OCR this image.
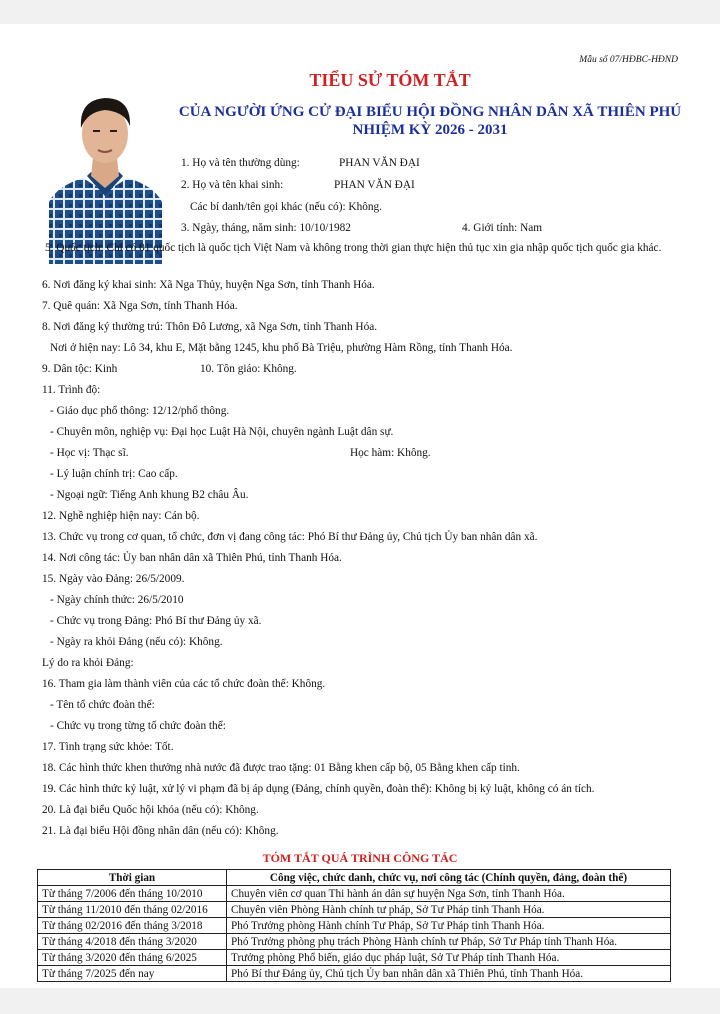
Mẫu số 07/HĐBC-HĐND
TIỂU SỬ TÓM TẮT
CỦA NGƯỜI ỨNG CỬ ĐẠI BIỂU HỘI ĐỒNG NHÂN DÂN XÃ THIÊN PHÚ
NHIỆM KỲ 2026 - 2031
1. Họ và tên thường dùng:	PHAN VĂN ĐẠI
2. Họ và tên khai sinh:	PHAN VĂN ĐẠI
Các bí danh/tên gọi khác (nếu có): Không.
3. Ngày, tháng, năm sinh: 10/10/1982	4. Giới tính: Nam
5. Quốc tịch: Chỉ có 01 quốc tịch là quốc tịch Việt Nam và không trong thời gian thực hiện thủ tục xin gia nhập quốc tịch quốc gia khác.
6. Nơi đăng ký khai sinh: Xã Nga Thủy, huyện Nga Sơn, tỉnh Thanh Hóa.
7. Quê quán: Xã Nga Sơn, tỉnh Thanh Hóa.
8. Nơi đăng ký thường trú: Thôn Đô Lương, xã Nga Sơn, tỉnh Thanh Hóa.
Nơi ở hiện nay: Lô 34, khu E, Mặt bằng 1245, khu phố Bà Triệu, phường Hàm Rồng, tỉnh Thanh Hóa.
9. Dân tộc: Kinh	10. Tôn giáo: Không.
11. Trình độ:
- Giáo dục phổ thông: 12/12/phổ thông.
- Chuyên môn, nghiệp vụ: Đại học Luật Hà Nội, chuyên ngành Luật dân sự.
- Học vị: Thạc sĩ.	Học hàm: Không.
- Lý luận chính trị: Cao cấp.
- Ngoại ngữ: Tiếng Anh khung B2 châu Âu.
12. Nghề nghiệp hiện nay: Cán bộ.
13. Chức vụ trong cơ quan, tổ chức, đơn vị đang công tác: Phó Bí thư Đảng ủy, Chủ tịch Ủy ban nhân dân xã.
14. Nơi công tác: Ủy ban nhân dân xã Thiên Phú, tỉnh Thanh Hóa.
15. Ngày vào Đảng: 26/5/2009.
- Ngày chính thức: 26/5/2010
- Chức vụ trong Đảng: Phó Bí thư Đảng ủy xã.
- Ngày ra khỏi Đảng (nếu có): Không.
Lý do ra khỏi Đảng:
16. Tham gia làm thành viên của các tổ chức đoàn thể: Không.
- Tên tổ chức đoàn thể:
- Chức vụ trong từng tổ chức đoàn thể:
17. Tình trạng sức khỏe: Tốt.
18. Các hình thức khen thưởng nhà nước đã được trao tặng: 01 Bằng khen cấp bộ, 05 Bằng khen cấp tỉnh.
19. Các hình thức kỷ luật, xử lý vi phạm đã bị áp dụng (Đảng, chính quyền, đoàn thể): Không bị kỷ luật, không có án tích.
20. Là đại biểu Quốc hội khóa (nếu có): Không.
21. Là đại biểu Hội đồng nhân dân (nếu có): Không.
TÓM TẮT QUÁ TRÌNH CÔNG TÁC
Thời gian	Công việc, chức danh, chức vụ, nơi công tác (Chính quyền, đảng, đoàn thể)
Từ tháng 7/2006 đến tháng 10/2010	Chuyên viên cơ quan Thi hành án dân sự huyện Nga Sơn, tỉnh Thanh Hóa.
Từ tháng 11/2010 đến tháng 02/2016	Chuyên viên Phòng Hành chính tư pháp, Sở Tư Pháp tỉnh Thanh Hóa.
Từ tháng 02/2016 đến tháng 3/2018	Phó Trưởng phòng Hành chính Tư Pháp, Sở Tư Pháp tỉnh Thanh Hóa.
Từ tháng 4/2018 đến tháng 3/2020	Phó Trưởng phòng phụ trách Phòng Hành chính tư Pháp, Sở Tư Pháp tỉnh Thanh Hóa.
Từ tháng 3/2020 đến tháng 6/2025	Trưởng phòng Phổ biến, giáo dục pháp luật, Sở Tư Pháp tỉnh Thanh Hóa.
Từ tháng 7/2025 đến nay	Phó Bí thư Đảng ủy, Chủ tịch Ủy ban nhân dân xã Thiên Phú, tỉnh Thanh Hóa.
